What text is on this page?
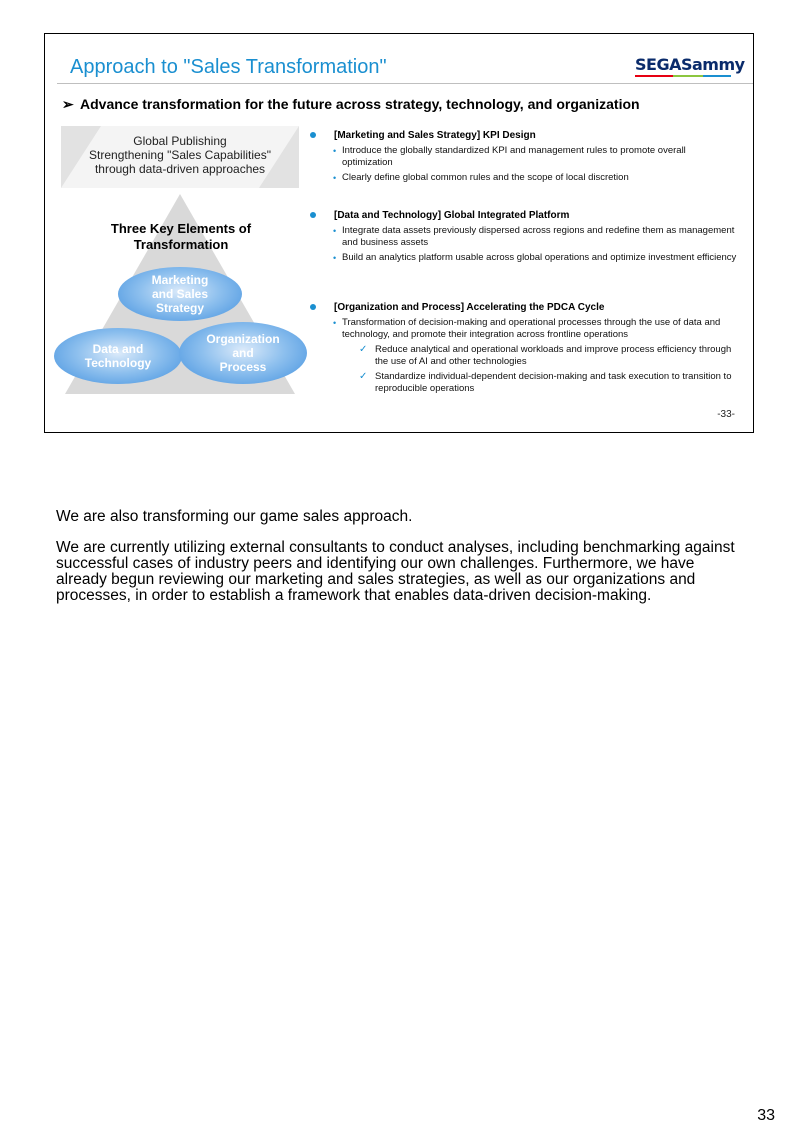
Approach to "Sales Transformation"	SEGASammy
➢ Advance transformation for the future across strategy, technology, and organization
Global Publishing
Strengthening "Sales Capabilities"
through data-driven approaches
Three Key Elements of
Transformation
Marketing
and Sales
Strategy
Data and
Technology
Organization
and
Process
[Marketing and Sales Strategy] KPI Design
• Introduce the globally standardized KPI and management rules to promote overall optimization
• Clearly define global common rules and the scope of local discretion
[Data and Technology] Global Integrated Platform
• Integrate data assets previously dispersed across regions and redefine them as management and business assets
• Build an analytics platform usable across global operations and optimize investment efficiency
[Organization and Process] Accelerating the PDCA Cycle
• Transformation of decision-making and operational processes through the use of data and technology, and promote their integration across frontline operations
✓ Reduce analytical and operational workloads and improve process efficiency through the use of AI and other technologies
✓ Standardize individual-dependent decision-making and task execution to transition to reproducible operations
-33-

We are also transforming our game sales approach.

We are currently utilizing external consultants to conduct analyses, including benchmarking against successful cases of industry peers and identifying our own challenges. Furthermore, we have already begun reviewing our marketing and sales strategies, as well as our organizations and processes, in order to establish a framework that enables data-driven decision-making.

33
